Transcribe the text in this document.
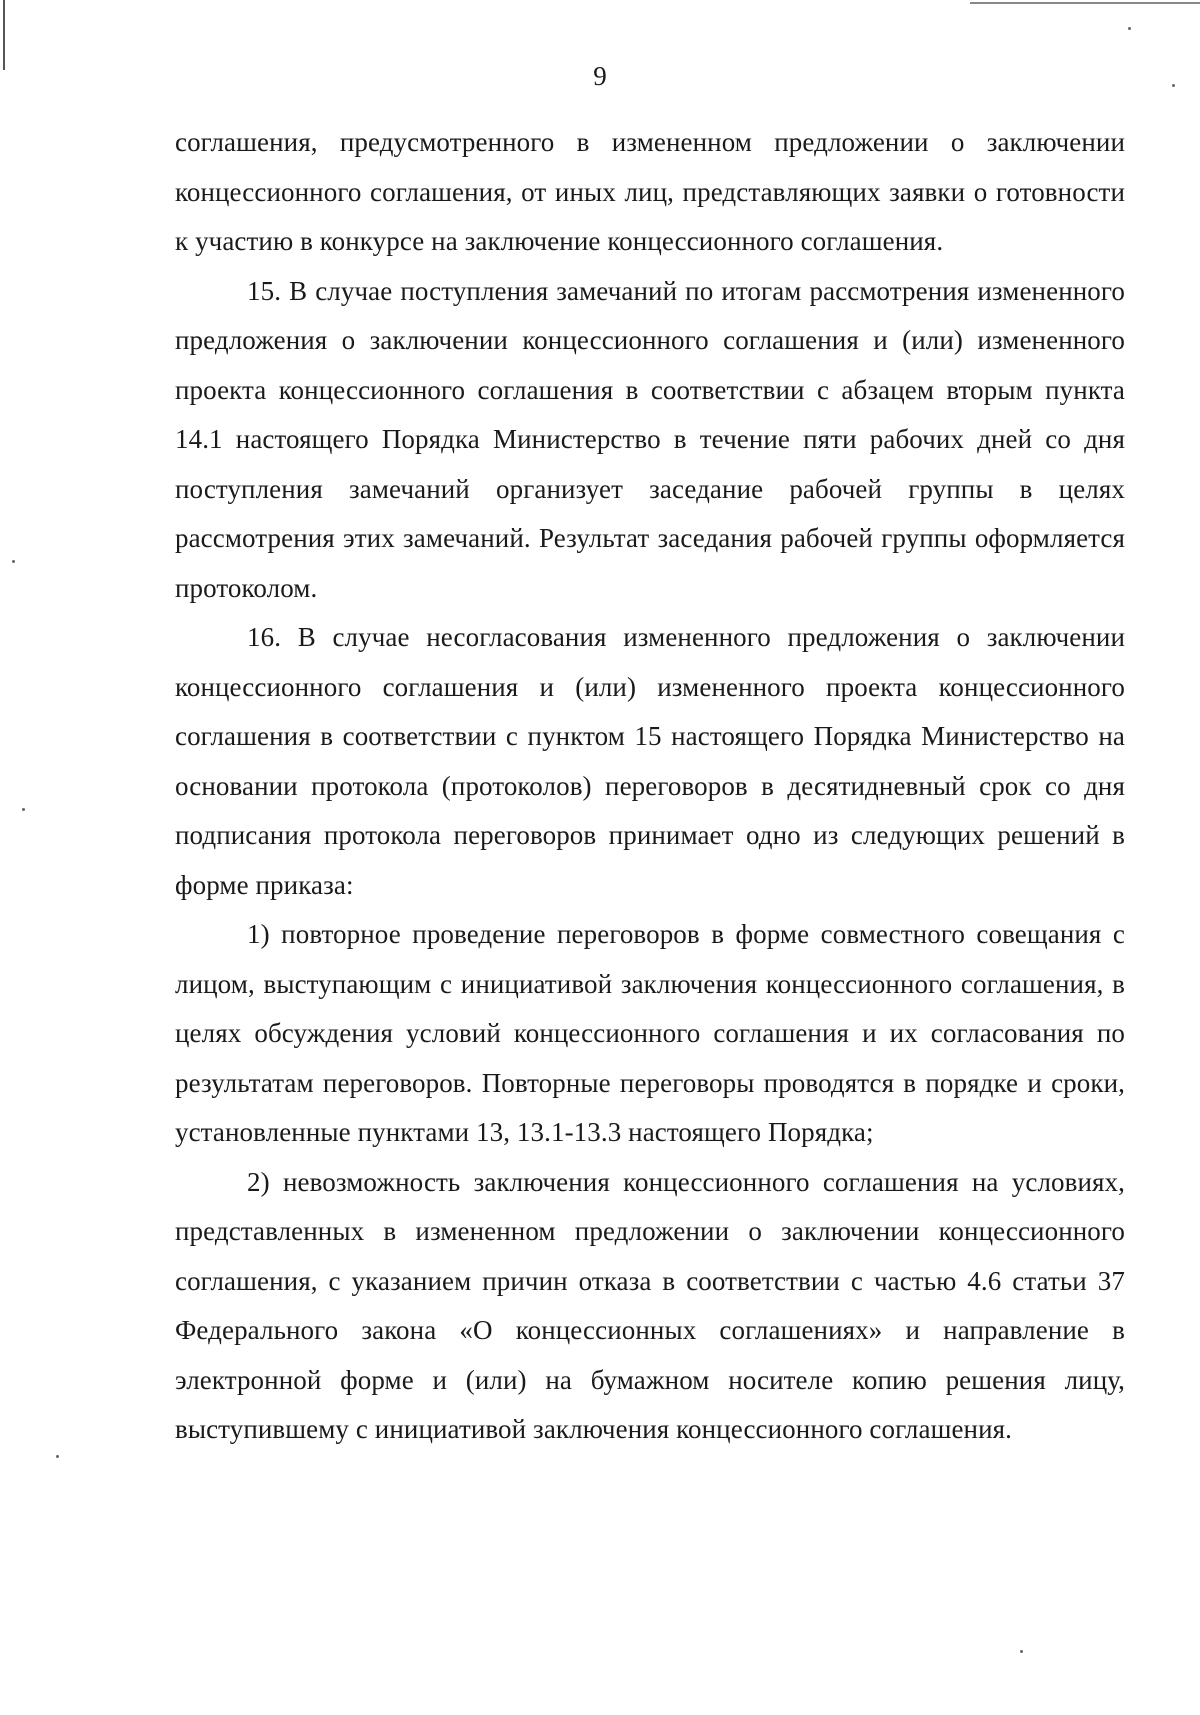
9

соглашения, предусмотренного в измененном предложении о заключении концессионного соглашения, от иных лиц, представляющих заявки о готовности к участию в конкурсе на заключение концессионного соглашения.

15. В случае поступления замечаний по итогам рассмотрения измененного предложения о заключении концессионного соглашения и (или) измененного проекта концессионного соглашения в соответствии с абзацем вторым пункта 14.1 настоящего Порядка Министерство в течение пяти рабочих дней со дня поступления замечаний организует заседание рабочей группы в целях рассмотрения этих замечаний. Результат заседания рабочей группы оформляется протоколом.

16. В случае несогласования измененного предложения о заключении концессионного соглашения и (или) измененного проекта концессионного соглашения в соответствии с пунктом 15 настоящего Порядка Министерство на основании протокола (протоколов) переговоров в десятидневный срок со дня подписания протокола переговоров принимает одно из следующих решений в форме приказа:

1) повторное проведение переговоров в форме совместного совещания с лицом, выступающим с инициативой заключения концессионного соглашения, в целях обсуждения условий концессионного соглашения и их согласования по результатам переговоров. Повторные переговоры проводятся в порядке и сроки, установленные пунктами 13, 13.1-13.3 настоящего Порядка;

2) невозможность заключения концессионного соглашения на условиях, представленных в измененном предложении о заключении концессионного соглашения, с указанием причин отказа в соответствии с частью 4.6 статьи 37 Федерального закона «О концессионных соглашениях» и направление в электронной форме и (или) на бумажном носителе копию решения лицу, выступившему с инициативой заключения концессионного соглашения.
